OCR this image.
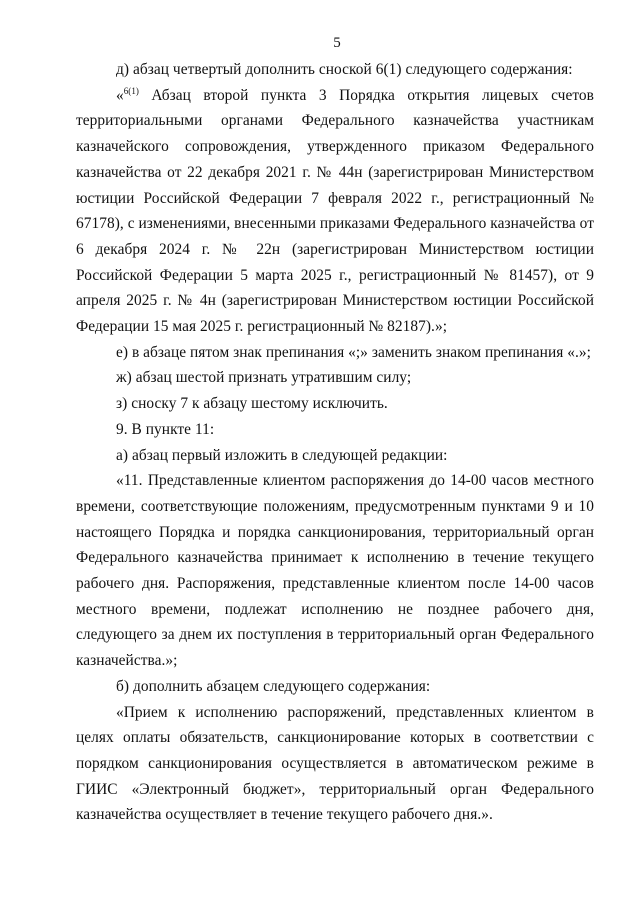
5

д) абзац четвертый дополнить сноской 6(1) следующего содержания:

«$^{6(1)}$ Абзац второй пункта 3 Порядка открытия лицевых счетов территориальными органами Федерального казначейства участникам казначейского сопровождения, утвержденного приказом Федерального казначейства от 22 декабря 2021 г. № 44н (зарегистрирован Министерством юстиции Российской Федерации 7 февраля 2022 г., регистрационный № 67178), с изменениями, внесенными приказами Федерального казначейства от 6 декабря 2024 г. № 22н (зарегистрирован Министерством юстиции Российской Федерации 5 марта 2025 г., регистрационный № 81457), от 9 апреля 2025 г. № 4н (зарегистрирован Министерством юстиции Российской Федерации 15 мая 2025 г. регистрационный № 82187).»;

е) в абзаце пятом знак препинания «;» заменить знаком препинания «.»;

ж) абзац шестой признать утратившим силу;

з) сноску 7 к абзацу шестому исключить.

9. В пункте 11:

а) абзац первый изложить в следующей редакции:

«11. Представленные клиентом распоряжения до 14-00 часов местного времени, соответствующие положениям, предусмотренным пунктами 9 и 10 настоящего Порядка и порядка санкционирования, территориальный орган Федерального казначейства принимает к исполнению в течение текущего рабочего дня. Распоряжения, представленные клиентом после 14-00 часов местного времени, подлежат исполнению не позднее рабочего дня, следующего за днем их поступления в территориальный орган Федерального казначейства.»;

б) дополнить абзацем следующего содержания:

«Прием к исполнению распоряжений, представленных клиентом в целях оплаты обязательств, санкционирование которых в соответствии с порядком санкционирования осуществляется в автоматическом режиме в ГИИС «Электронный бюджет», территориальный орган Федерального казначейства осуществляет в течение текущего рабочего дня.».
